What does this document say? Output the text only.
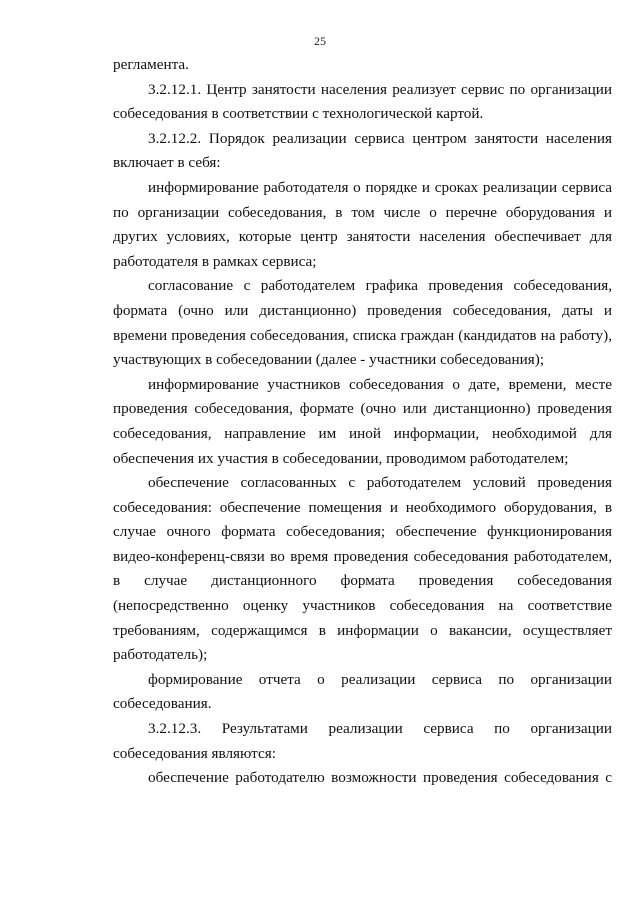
25

регламента.

3.2.12.1. Центр занятости населения реализует сервис по организации собеседования в соответствии с технологической картой.

3.2.12.2. Порядок реализации сервиса центром занятости населения включает в себя:

информирование работодателя о порядке и сроках реализации сервиса по организации собеседования, в том числе о перечне оборудования и других условиях, которые центр занятости населения обеспечивает для работодателя в рамках сервиса;

согласование с работодателем графика проведения собеседования, формата (очно или дистанционно) проведения собеседования, даты и времени проведения собеседования, списка граждан (кандидатов на работу), участвующих в собеседовании (далее - участники собеседования);

информирование участников собеседования о дате, времени, месте проведения собеседования, формате (очно или дистанционно) проведения собеседования, направление им иной информации, необходимой для обеспечения их участия в собеседовании, проводимом работодателем;

обеспечение согласованных с работодателем условий проведения собеседования: обеспечение помещения и необходимого оборудования, в случае очного формата собеседования; обеспечение функционирования видео-конференц-связи во время проведения собеседования работодателем, в случае дистанционного формата проведения собеседования (непосредственно оценку участников собеседования на соответствие требованиям, содержащимся в информации о вакансии, осуществляет работодатель);

формирование отчета о реализации сервиса по организации собеседования.

3.2.12.3. Результатами реализации сервиса по организации собеседования являются:

обеспечение работодателю возможности проведения собеседования с
